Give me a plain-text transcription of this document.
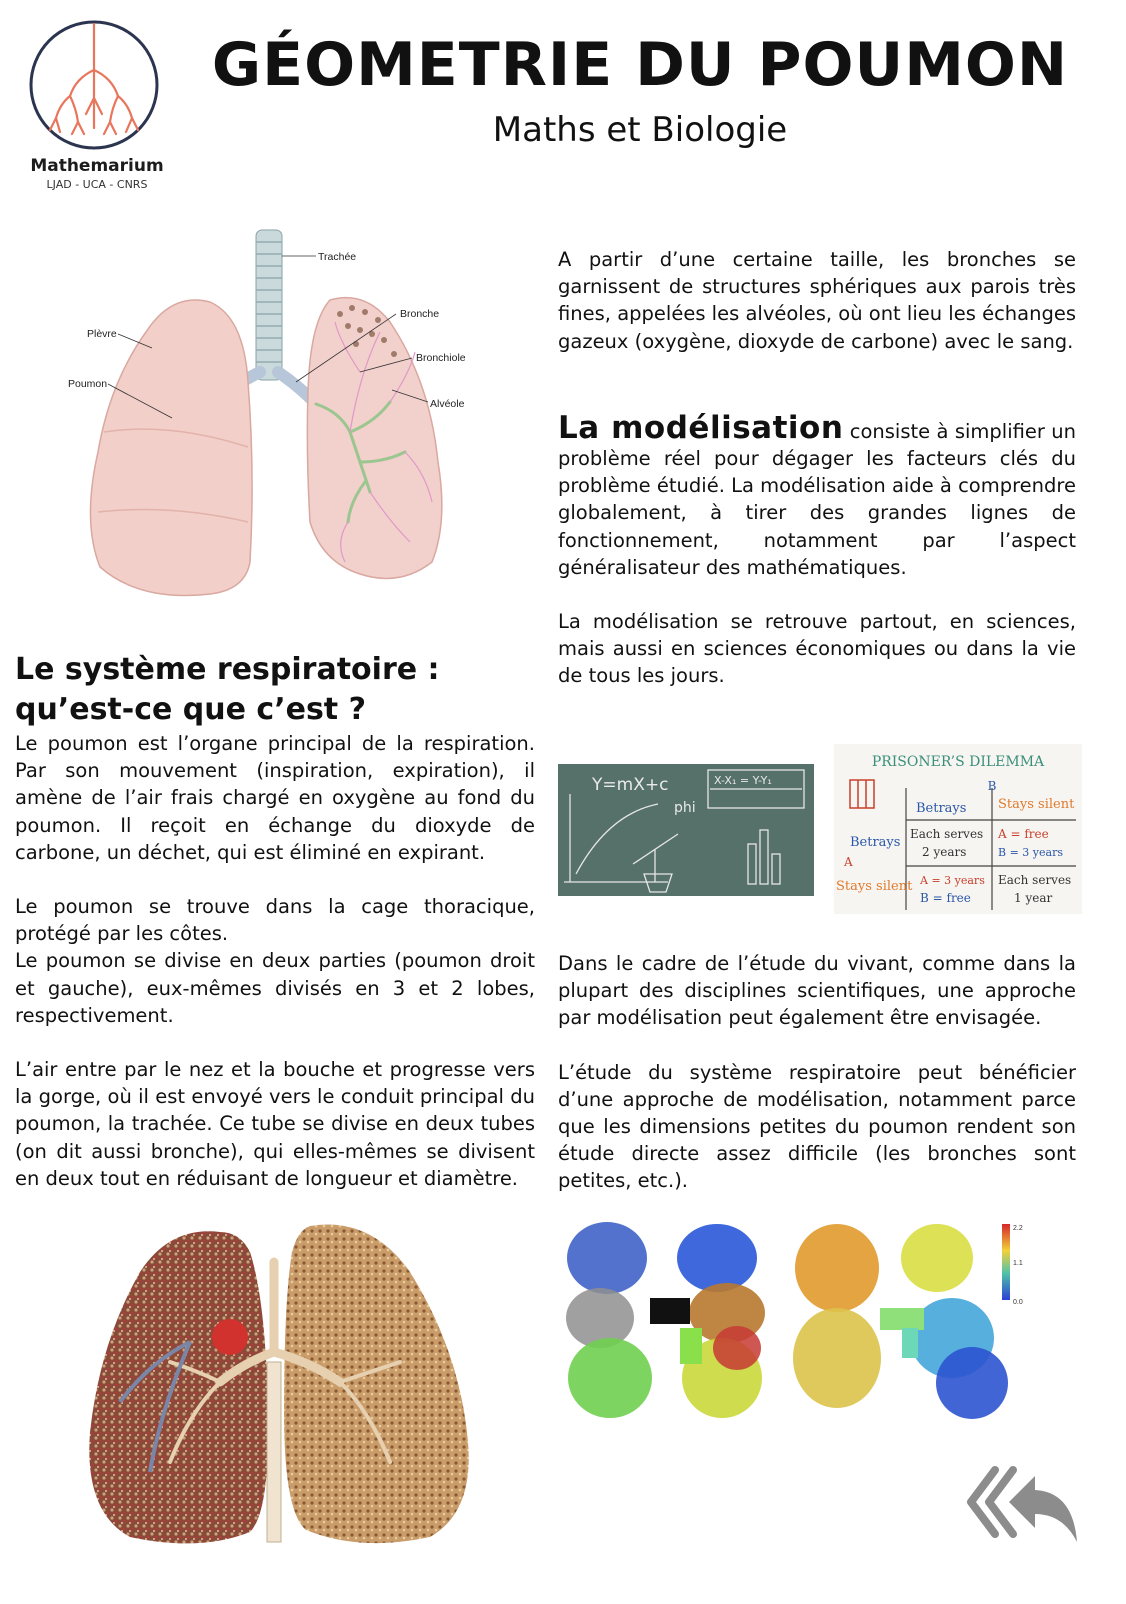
Mathemarium
LJAD - UCA - CNRS
GÉOMETRIE DU POUMON
Maths et Biologie
Trachée
Plèvre
Poumon
Bronche
Bronchiole
Alvéole
Le système respiratoire : qu’est-ce que c’est ?

Le poumon est l’organe principal de la respiration. Par son mouvement (inspiration, expiration), il amène de l’air frais chargé en oxygène au fond du poumon. Il reçoit en échange du dioxyde de carbone, un déchet, qui est éliminé en expirant.

Le poumon se trouve dans la cage thoracique, protégé par les côtes.

Le poumon se divise en deux parties (poumon droit et gauche), eux-mêmes divisés en 3 et 2 lobes, respectivement.

L’air entre par le nez et la bouche et progresse vers la gorge, où il est envoyé vers le conduit principal du poumon, la trachée. Ce tube se divise en deux tubes (on dit aussi bronche), qui elles-mêmes se divisent en deux tout en réduisant de longueur et diamètre.

A partir d’une certaine taille, les bronches se garnissent de structures sphériques aux parois très fines, appelées les alvéoles, où ont lieu les échanges gazeux (oxygène, dioxyde de carbone) avec le sang.

La modélisation consiste à simplifier un problème réel pour dégager les facteurs clés du problème étudié. La modélisation aide à comprendre globalement, à tirer des grandes lignes de fonctionnement, notamment par l’aspect généralisateur des mathématiques.

La modélisation se retrouve partout, en sciences, mais aussi en sciences économiques ou dans la vie de tous les jours.

Y=mX+c
phi
X-X₁ = Y-Y₁
PRISONER’S DILEMMA
B
A
Betrays Stays silent
Betrays
Stays silent
Each serves
2 years
A = free
B = 3 years
A = 3 years
B = free
Each serves
1 year

Dans le cadre de l’étude du vivant, comme dans la plupart des disciplines scientifiques, une approche par modélisation peut également être envisagée.

L’étude du système respiratoire peut bénéficier d’une approche de modélisation, notamment parce que les dimensions petites du poumon rendent son étude directe assez difficile (les bronches sont petites, etc.).

2.2
1.1
0.0
